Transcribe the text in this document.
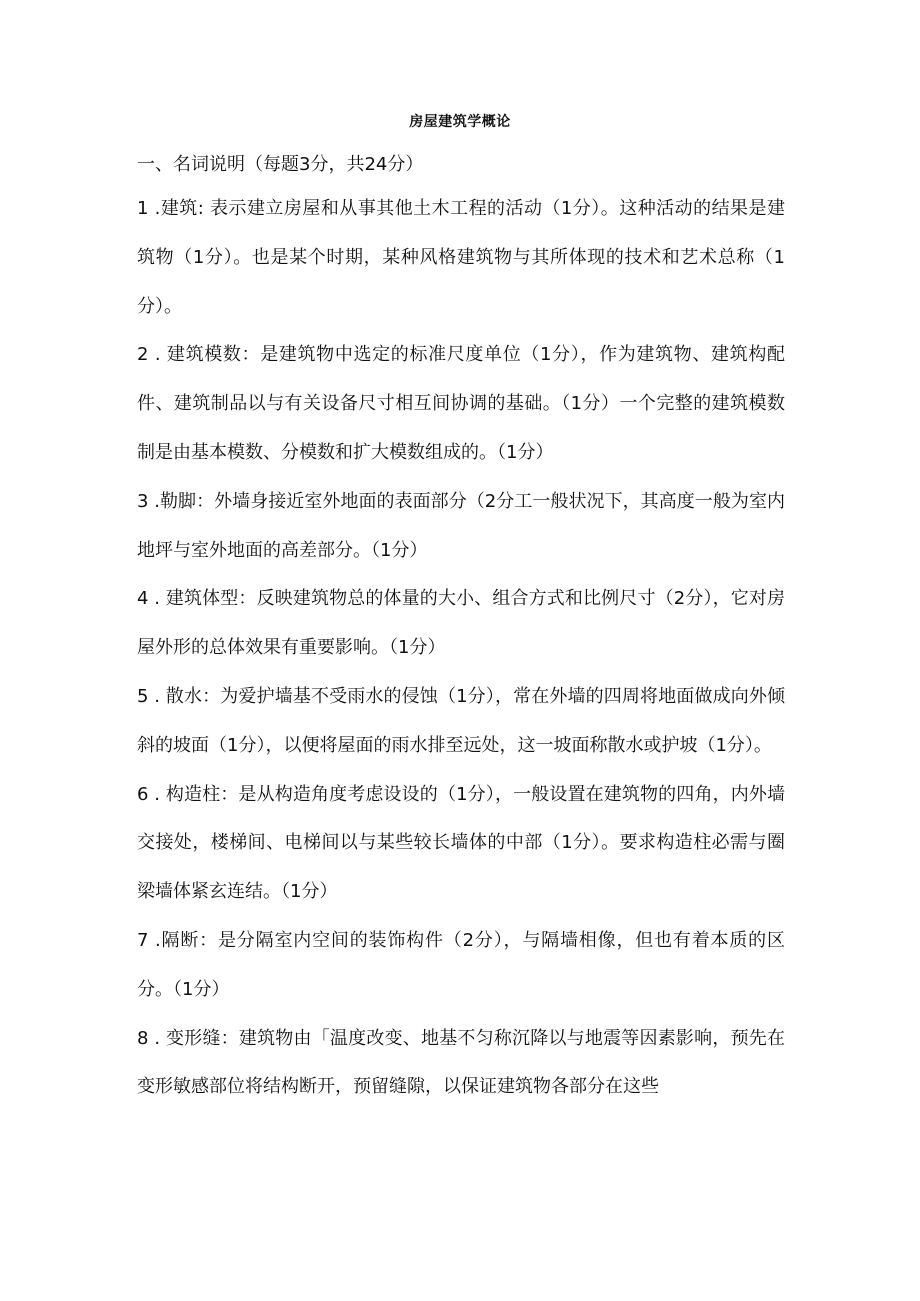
房屋建筑学概论
一、名词说明（每题3分，共24分）

1 .建筑: 表示建立房屋和从事其他土木工程的活动（1分）。这种活动的结果是建筑物（1分）。也是某个时期，某种风格建筑物与其所体现的技术和艺术总称（1分）。

2 . 建筑模数：是建筑物中选定的标准尺度单位（1分），作为建筑物、建筑构配件、建筑制品以与有关设备尺寸相互间协调的基础。（1分）一个完整的建筑模数制是由基本模数、分模数和扩大模数组成的。（1分）

3 .勒脚：外墙身接近室外地面的表面部分（2分工一般状况下，其高度一般为室内地坪与室外地面的高差部分。（1分）

4 . 建筑体型：反映建筑物总的体量的大小、组合方式和比例尺寸（2分），它对房屋外形的总体效果有重要影响。（1分）

5 . 散水：为爱护墙基不受雨水的侵蚀（1分），常在外墙的四周将地面做成向外倾斜的坡面（1分），以便将屋面的雨水排至远处，这一坡面称散水或护坡（1分）。

6 . 构造柱：是从构造角度考虑设设的（1分），一般设置在建筑物的四角，内外墙交接处，楼梯间、电梯间以与某些较长墙体的中部（1分）。要求构造柱必需与圈梁墙体紧玄连结。（1分）

7 .隔断：是分隔室内空间的装饰构件（2分），与隔墙相像，但也有着本质的区分。（1分）

8 . 变形缝：建筑物由「温度改变、地基不匀称沉降以与地震等因素影响，预先在变形敏感部位将结构断开，预留缝隙，以保证建筑物各部分在这些
